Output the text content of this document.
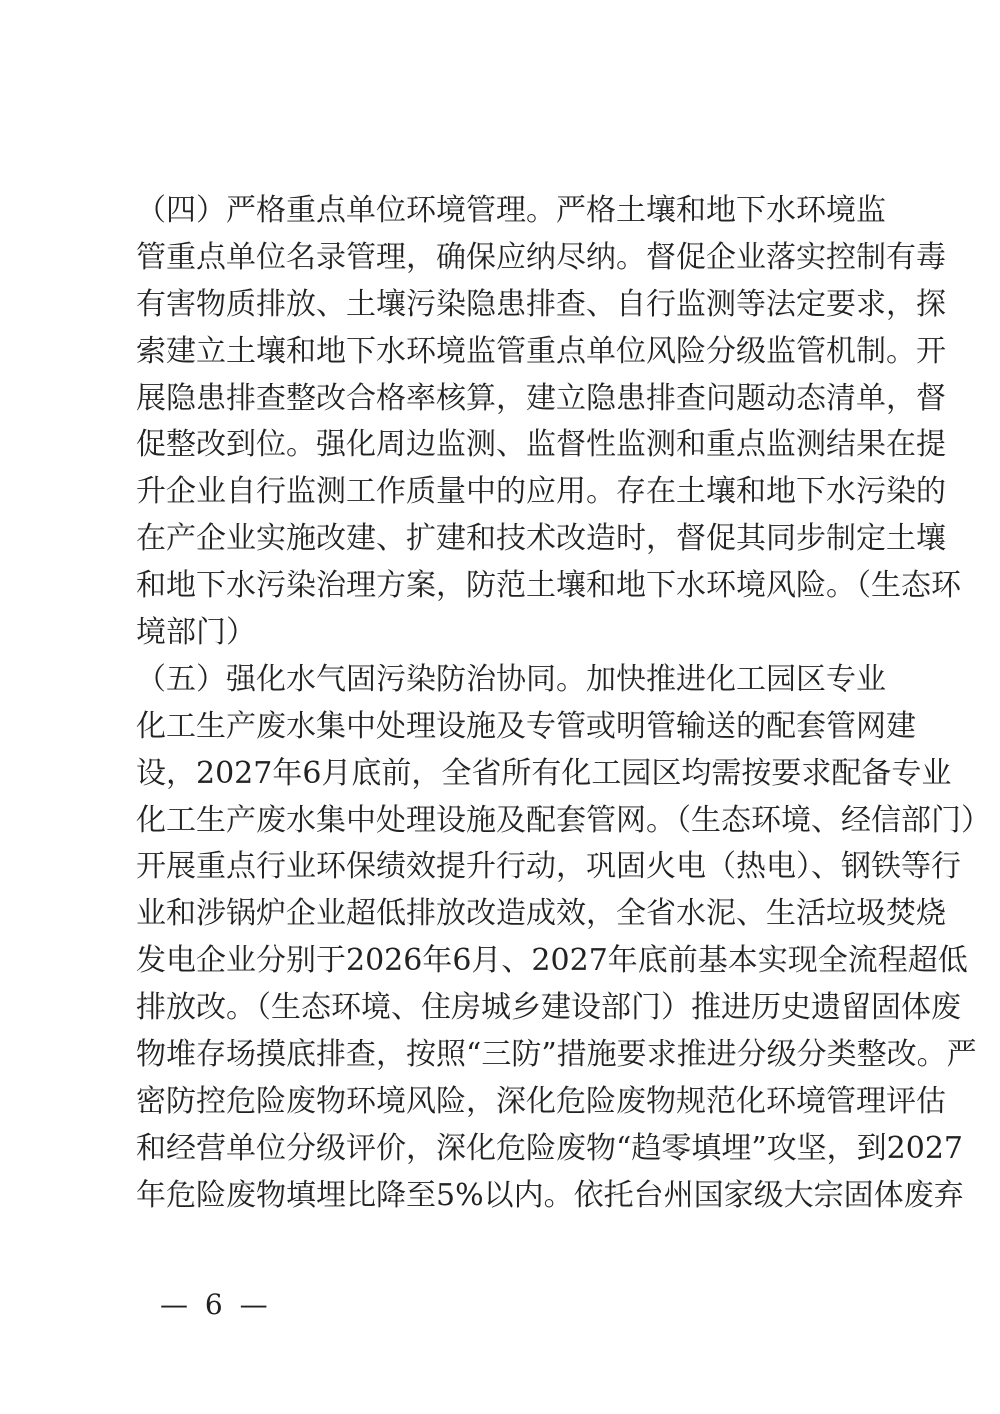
（四）严格重点单位环境管理。严格土壤和地下水环境监
管重点单位名录管理，确保应纳尽纳。督促企业落实控制有毒
有害物质排放、土壤污染隐患排查、自行监测等法定要求，探
索建立土壤和地下水环境监管重点单位风险分级监管机制。开
展隐患排查整改合格率核算，建立隐患排查问题动态清单，督
促整改到位。强化周边监测、监督性监测和重点监测结果在提
升企业自行监测工作质量中的应用。存在土壤和地下水污染的
在产企业实施改建、扩建和技术改造时，督促其同步制定土壤
和地下水污染治理方案，防范土壤和地下水环境风险。（生态环
境部门）
（五）强化水气固污染防治协同。加快推进化工园区专业
化工生产废水集中处理设施及专管或明管输送的配套管网建
设，2027年6月底前，全省所有化工园区均需按要求配备专业
化工生产废水集中处理设施及配套管网。（生态环境、经信部门）
开展重点行业环保绩效提升行动，巩固火电（热电）、钢铁等行
业和涉锅炉企业超低排放改造成效，全省水泥、生活垃圾焚烧
发电企业分别于2026年6月、2027年底前基本实现全流程超低
排放改。（生态环境、住房城乡建设部门）推进历史遗留固体废
物堆存场摸底排查，按照“三防”措施要求推进分级分类整改。严
密防控危险废物环境风险，深化危险废物规范化环境管理评估
和经营单位分级评价，深化危险废物“趋零填埋”攻坚，到2027
年危险废物填埋比降至5%以内。依托台州国家级大宗固体废弃
— 6 —
